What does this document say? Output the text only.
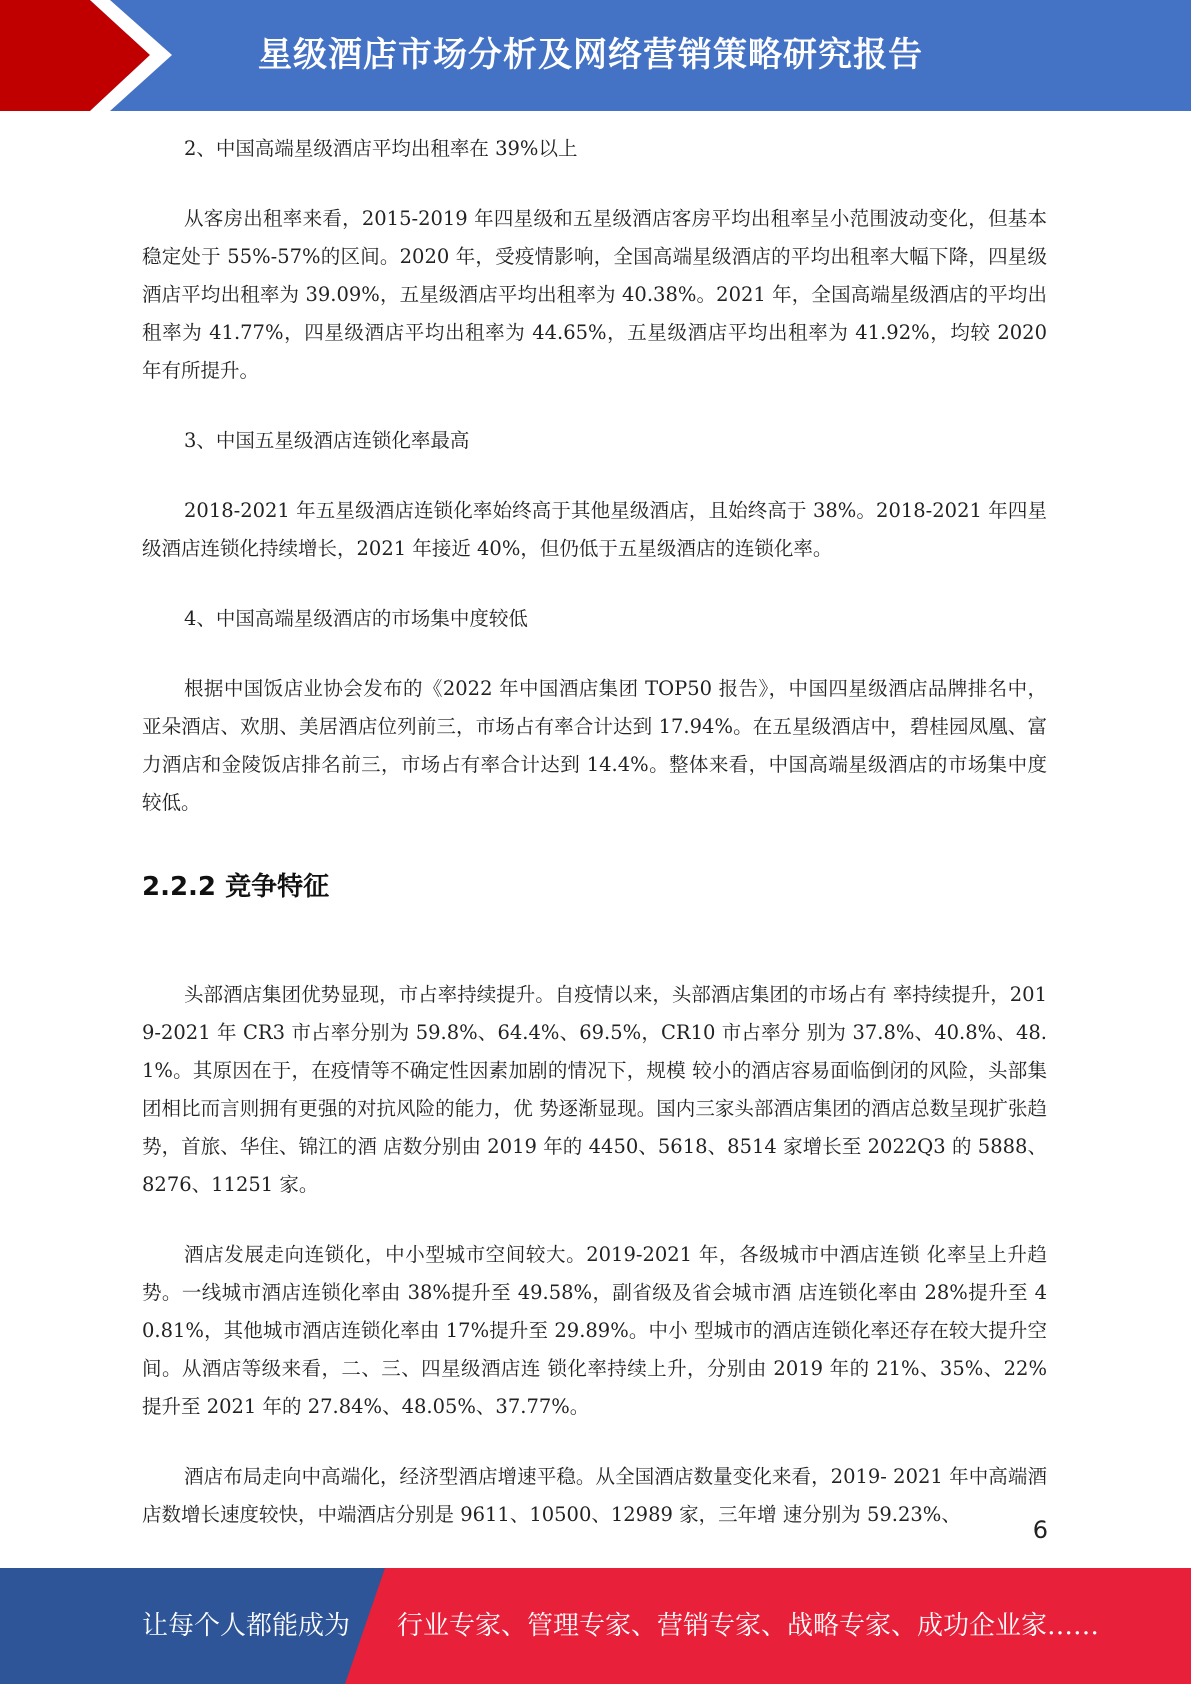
星级酒店市场分析及网络营销策略研究报告

2、中国高端星级酒店平均出租率在 39%以上

从客房出租率来看，2015-2019 年四星级和五星级酒店客房平均出租率呈小范围波动变化，但基本稳定处于 55%-57%的区间。2020 年，受疫情影响，全国高端星级酒店的平均出租率大幅下降，四星级酒店平均出租率为 39.09%，五星级酒店平均出租率为 40.38%。2021 年，全国高端星级酒店的平均出租率为 41.77%，四星级酒店平均出租率为 44.65%，五星级酒店平均出租率为 41.92%，均较 2020 年有所提升。

3、中国五星级酒店连锁化率最高

2018-2021 年五星级酒店连锁化率始终高于其他星级酒店，且始终高于 38%。2018-2021 年四星级酒店连锁化持续增长，2021 年接近 40%，但仍低于五星级酒店的连锁化率。

4、中国高端星级酒店的市场集中度较低

根据中国饭店业协会发布的《2022 年中国酒店集团 TOP50 报告》，中国四星级酒店品牌排名中，亚朵酒店、欢朋、美居酒店位列前三，市场占有率合计达到 17.94%。在五星级酒店中，碧桂园凤凰、富力酒店和金陵饭店排名前三，市场占有率合计达到 14.4%。整体来看，中国高端星级酒店的市场集中度较低。

2.2.2 竞争特征

头部酒店集团优势显现，市占率持续提升。自疫情以来，头部酒店集团的市场占有 率持续提升，2019-2021 年 CR3 市占率分别为 59.8%、64.4%、69.5%，CR10 市占率分 别为 37.8%、40.8%、48.1%。其原因在于，在疫情等不确定性因素加剧的情况下，规模 较小的酒店容易面临倒闭的风险，头部集团相比而言则拥有更强的对抗风险的能力，优 势逐渐显现。国内三家头部酒店集团的酒店总数呈现扩张趋势，首旅、华住、锦江的酒 店数分别由 2019 年的 4450、5618、8514 家增长至 2022Q3 的 5888、8276、11251 家。

酒店发展走向连锁化，中小型城市空间较大。2019-2021 年，各级城市中酒店连锁 化率呈上升趋势。一线城市酒店连锁化率由 38%提升至 49.58%，副省级及省会城市酒 店连锁化率由 28%提升至 40.81%，其他城市酒店连锁化率由 17%提升至 29.89%。中小 型城市的酒店连锁化率还存在较大提升空间。从酒店等级来看，二、三、四星级酒店连 锁化率持续上升，分别由 2019 年的 21%、35%、22%提升至 2021 年的 27.84%、48.05%、37.77%。

酒店布局走向中高端化，经济型酒店增速平稳。从全国酒店数量变化来看，2019- 2021 年中高端酒店数增长速度较快，中端酒店分别是 9611、10500、12989 家，三年增 速分别为 59.23%、

6
让每个人都能成为 行业专家、管理专家、营销专家、战略专家、成功企业家……
